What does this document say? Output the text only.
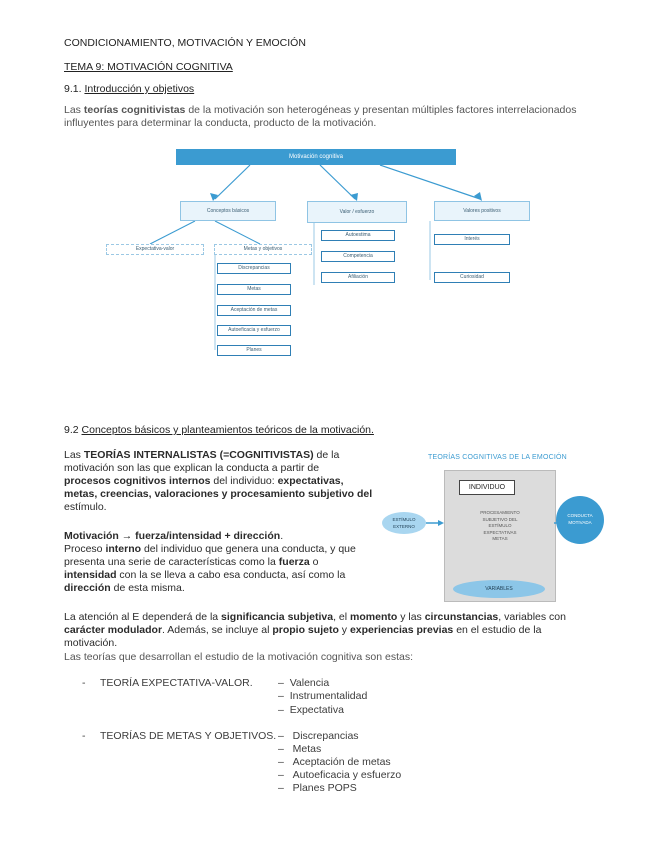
CONDICIONAMIENTO, MOTIVACIÓN Y EMOCIÓN
TEMA 9: MOTIVACIÓN COGNITIVA
9.1. Introducción y objetivos
Las teorías cognitivistas de la motivación son heterogéneas y presentan múltiples factores interrelacionados
influyentes para determinar la conducta, producto de la motivación.
Motivación cognitiva
Conceptos básicos	Valor / esfuerzo	Valores positivos
Expectativa-valor	Metas y objetivos
Discrepancias
Metas
Aceptación de metas
Autoeficacia y esfuerzo
Planes
Autoestima
Competencia
Afiliación
Interés
Curiosidad
9.2 Conceptos básicos y planteamientos teóricos de la motivación.
Las TEORÍAS INTERNALISTAS (=COGNITIVISTAS) de la
motivación son las que explican la conducta a partir de
procesos cognitivos internos del individuo: expectativas,
metas, creencias, valoraciones y procesamiento subjetivo del
estímulo.
Motivación → fuerza/intensidad + dirección.
Proceso interno del individuo que genera una conducta, y que
presenta una serie de características como la fuerza o
intensidad con la se lleva a cabo esa conducta, así como la
dirección de esta misma.
TEORÍAS COGNITIVAS DE LA EMOCIÓN
INDIVIDUO
PROCESAMIENTO
SUBJETIVO DEL
ESTÍMULO
EXPECTATIVAS
METAS
VARIABLES
ESTÍMULO EXTERNO
CONDUCTA MOTIVADA
La atención al E dependerá de la significancia subjetiva, el momento y las circunstancias, variables con
carácter modulador. Además, se incluye al propio sujeto y experiencias previas en el estudio de la motivación.
Las teorías que desarrollan el estudio de la motivación cognitiva son estas:
- TEORÍA EXPECTATIVA-VALOR. – Valencia
– Instrumentalidad
– Expectativa
- TEORÍAS DE METAS Y OBJETIVOS. – Discrepancias
– Metas
– Aceptación de metas
– Autoeficacia y esfuerzo
– Planes POPS
